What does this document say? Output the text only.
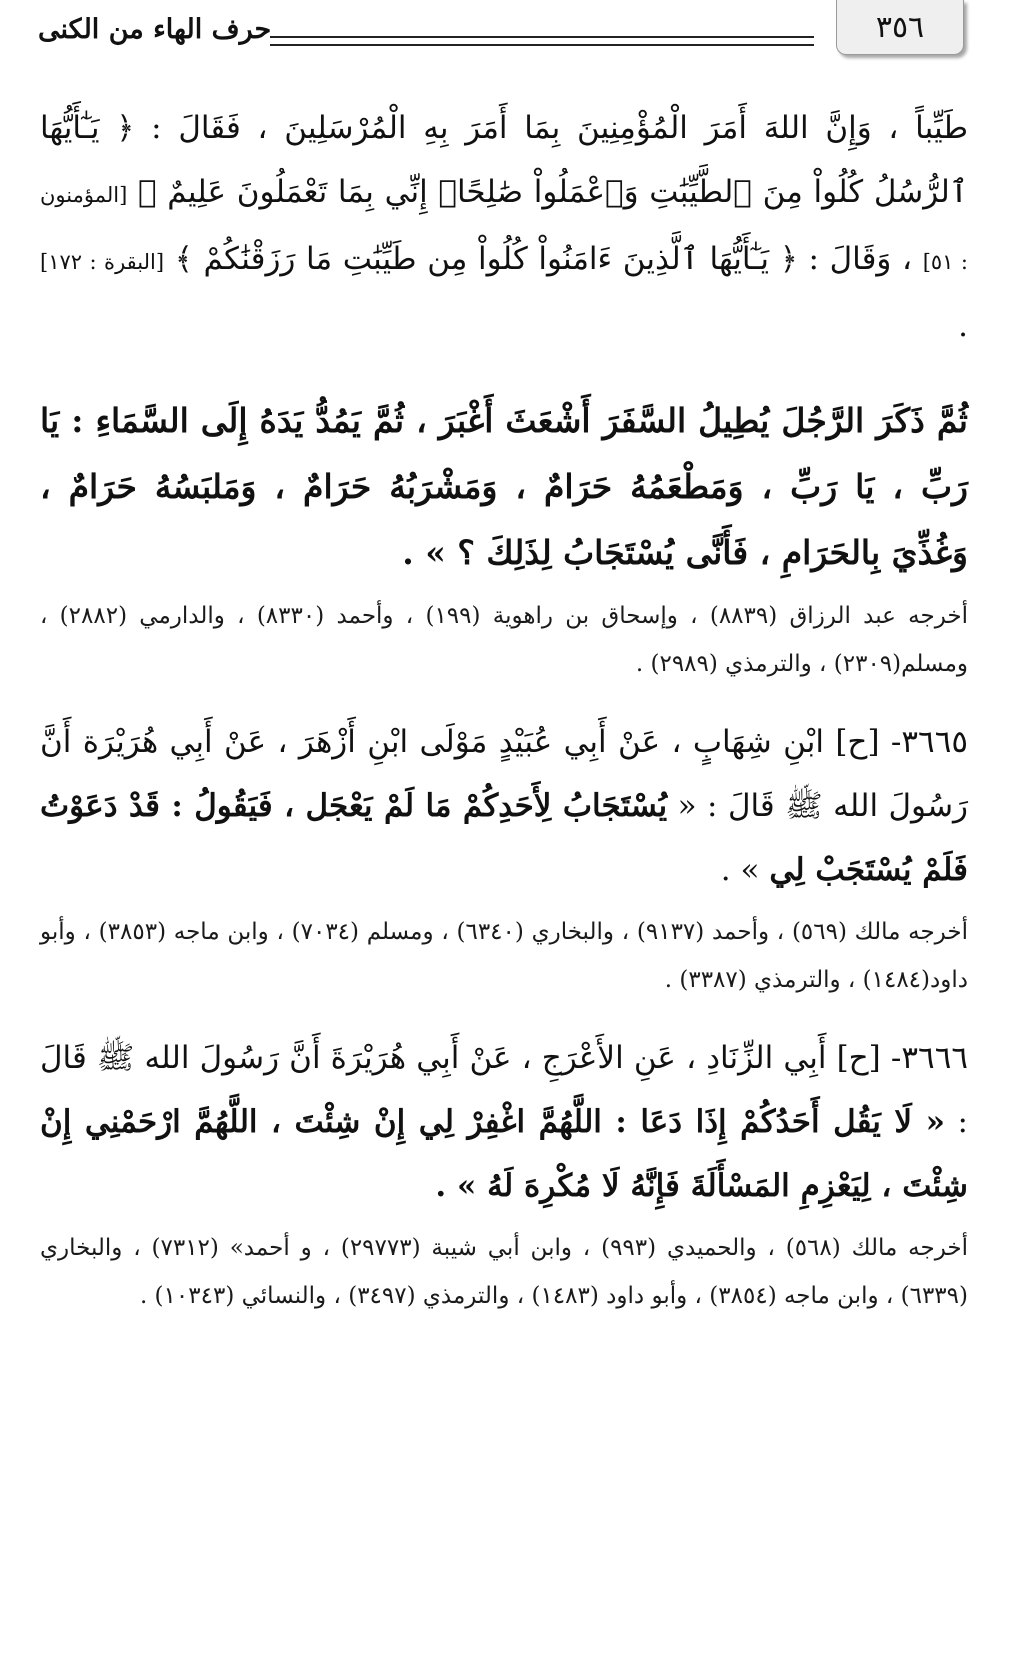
٣٥٦
حرف الهاء من الكنى

طَيِّباً ، وَإِنَّ اللهَ أَمَرَ الْمُؤْمِنِينَ بِمَا أَمَرَ بِهِ الْمُرْسَلِينَ ، فَقَالَ : ﴿ يَـٰٓأَيُّهَا ٱلرُّسُلُ كُلُواْ مِنَ ٱلطَّيِّبَٰتِ وَٱعْمَلُواْ صَٰلِحًاۖ إِنِّي بِمَا تَعْمَلُونَ عَلِيمٌ ﴾ [المؤمنون : ٥١] ، وَقَالَ : ﴿ يَـٰٓأَيُّهَا ٱلَّذِينَ ءَامَنُواْ كُلُواْ مِن طَيِّبَٰتِ مَا رَزَقْنَٰكُمْ ﴾ [البقرة : ١٧٢] .

ثُمَّ ذَكَرَ الرَّجُلَ يُطِيلُ السَّفَرَ أَشْعَثَ أَغْبَرَ ، ثُمَّ يَمُدُّ يَدَهُ إِلَى السَّمَاءِ : يَا رَبِّ ، يَا رَبِّ ، وَمَطْعَمُهُ حَرَامٌ ، وَمَشْرَبُهُ حَرَامٌ ، وَمَلبَسُهُ حَرَامٌ ، وَغُذِّيَ بِالحَرَامِ ، فَأَنَّى يُسْتَجَابُ لِذَلِكَ ؟ » .

أخرجه عبد الرزاق (٨٨٣٩) ، وإسحاق بن راهوية (١٩٩) ، وأحمد (٨٣٣٠) ، والدارمي (٢٨٨٢) ، ومسلم(٢٣٠٩) ، والترمذي (٢٩٨٩) .

٣٦٦٥- [ح] ابْنِ شِهَابٍ ، عَنْ أَبِي عُبَيْدٍ مَوْلَى ابْنِ أَزْهَرَ ، عَنْ أَبِي هُرَيْرَة أَنَّ رَسُولَ الله ﷺ قَالَ : « يُسْتَجَابُ لِأَحَدِكُمْ مَا لَمْ يَعْجَل ، فَيَقُولُ : قَدْ دَعَوْتُ فَلَمْ يُسْتَجَبْ لِي » .

أخرجه مالك (٥٦٩) ، وأحمد (٩١٣٧) ، والبخاري (٦٣٤٠) ، ومسلم (٧٠٣٤) ، وابن ماجه (٣٨٥٣) ، وأبو داود(١٤٨٤) ، والترمذي (٣٣٨٧) .

٣٦٦٦- [ح] أَبِي الزِّنَادِ ، عَنِ الأَعْرَجِ ، عَنْ أَبِي هُرَيْرَةَ أَنَّ رَسُولَ الله ﷺ قَالَ : « لَا يَقُل أَحَدُكُمْ إِذَا دَعَا : اللَّهُمَّ اغْفِرْ لِي إِنْ شِئْتَ ، اللَّهُمَّ ارْحَمْنِي إِنْ شِئْتَ ، لِيَعْزِمِ المَسْأَلَةَ فَإِنَّهُ لَا مُكْرِهَ لَهُ » .

أخرجه مالك (٥٦٨) ، والحميدي (٩٩٣) ، وابن أبي شيبة (٢٩٧٧٣) ، و أحمد» (٧٣١٢) ، والبخاري (٦٣٣٩) ، وابن ماجه (٣٨٥٤) ، وأبو داود (١٤٨٣) ، والترمذي (٣٤٩٧) ، والنسائي (١٠٣٤٣) .
